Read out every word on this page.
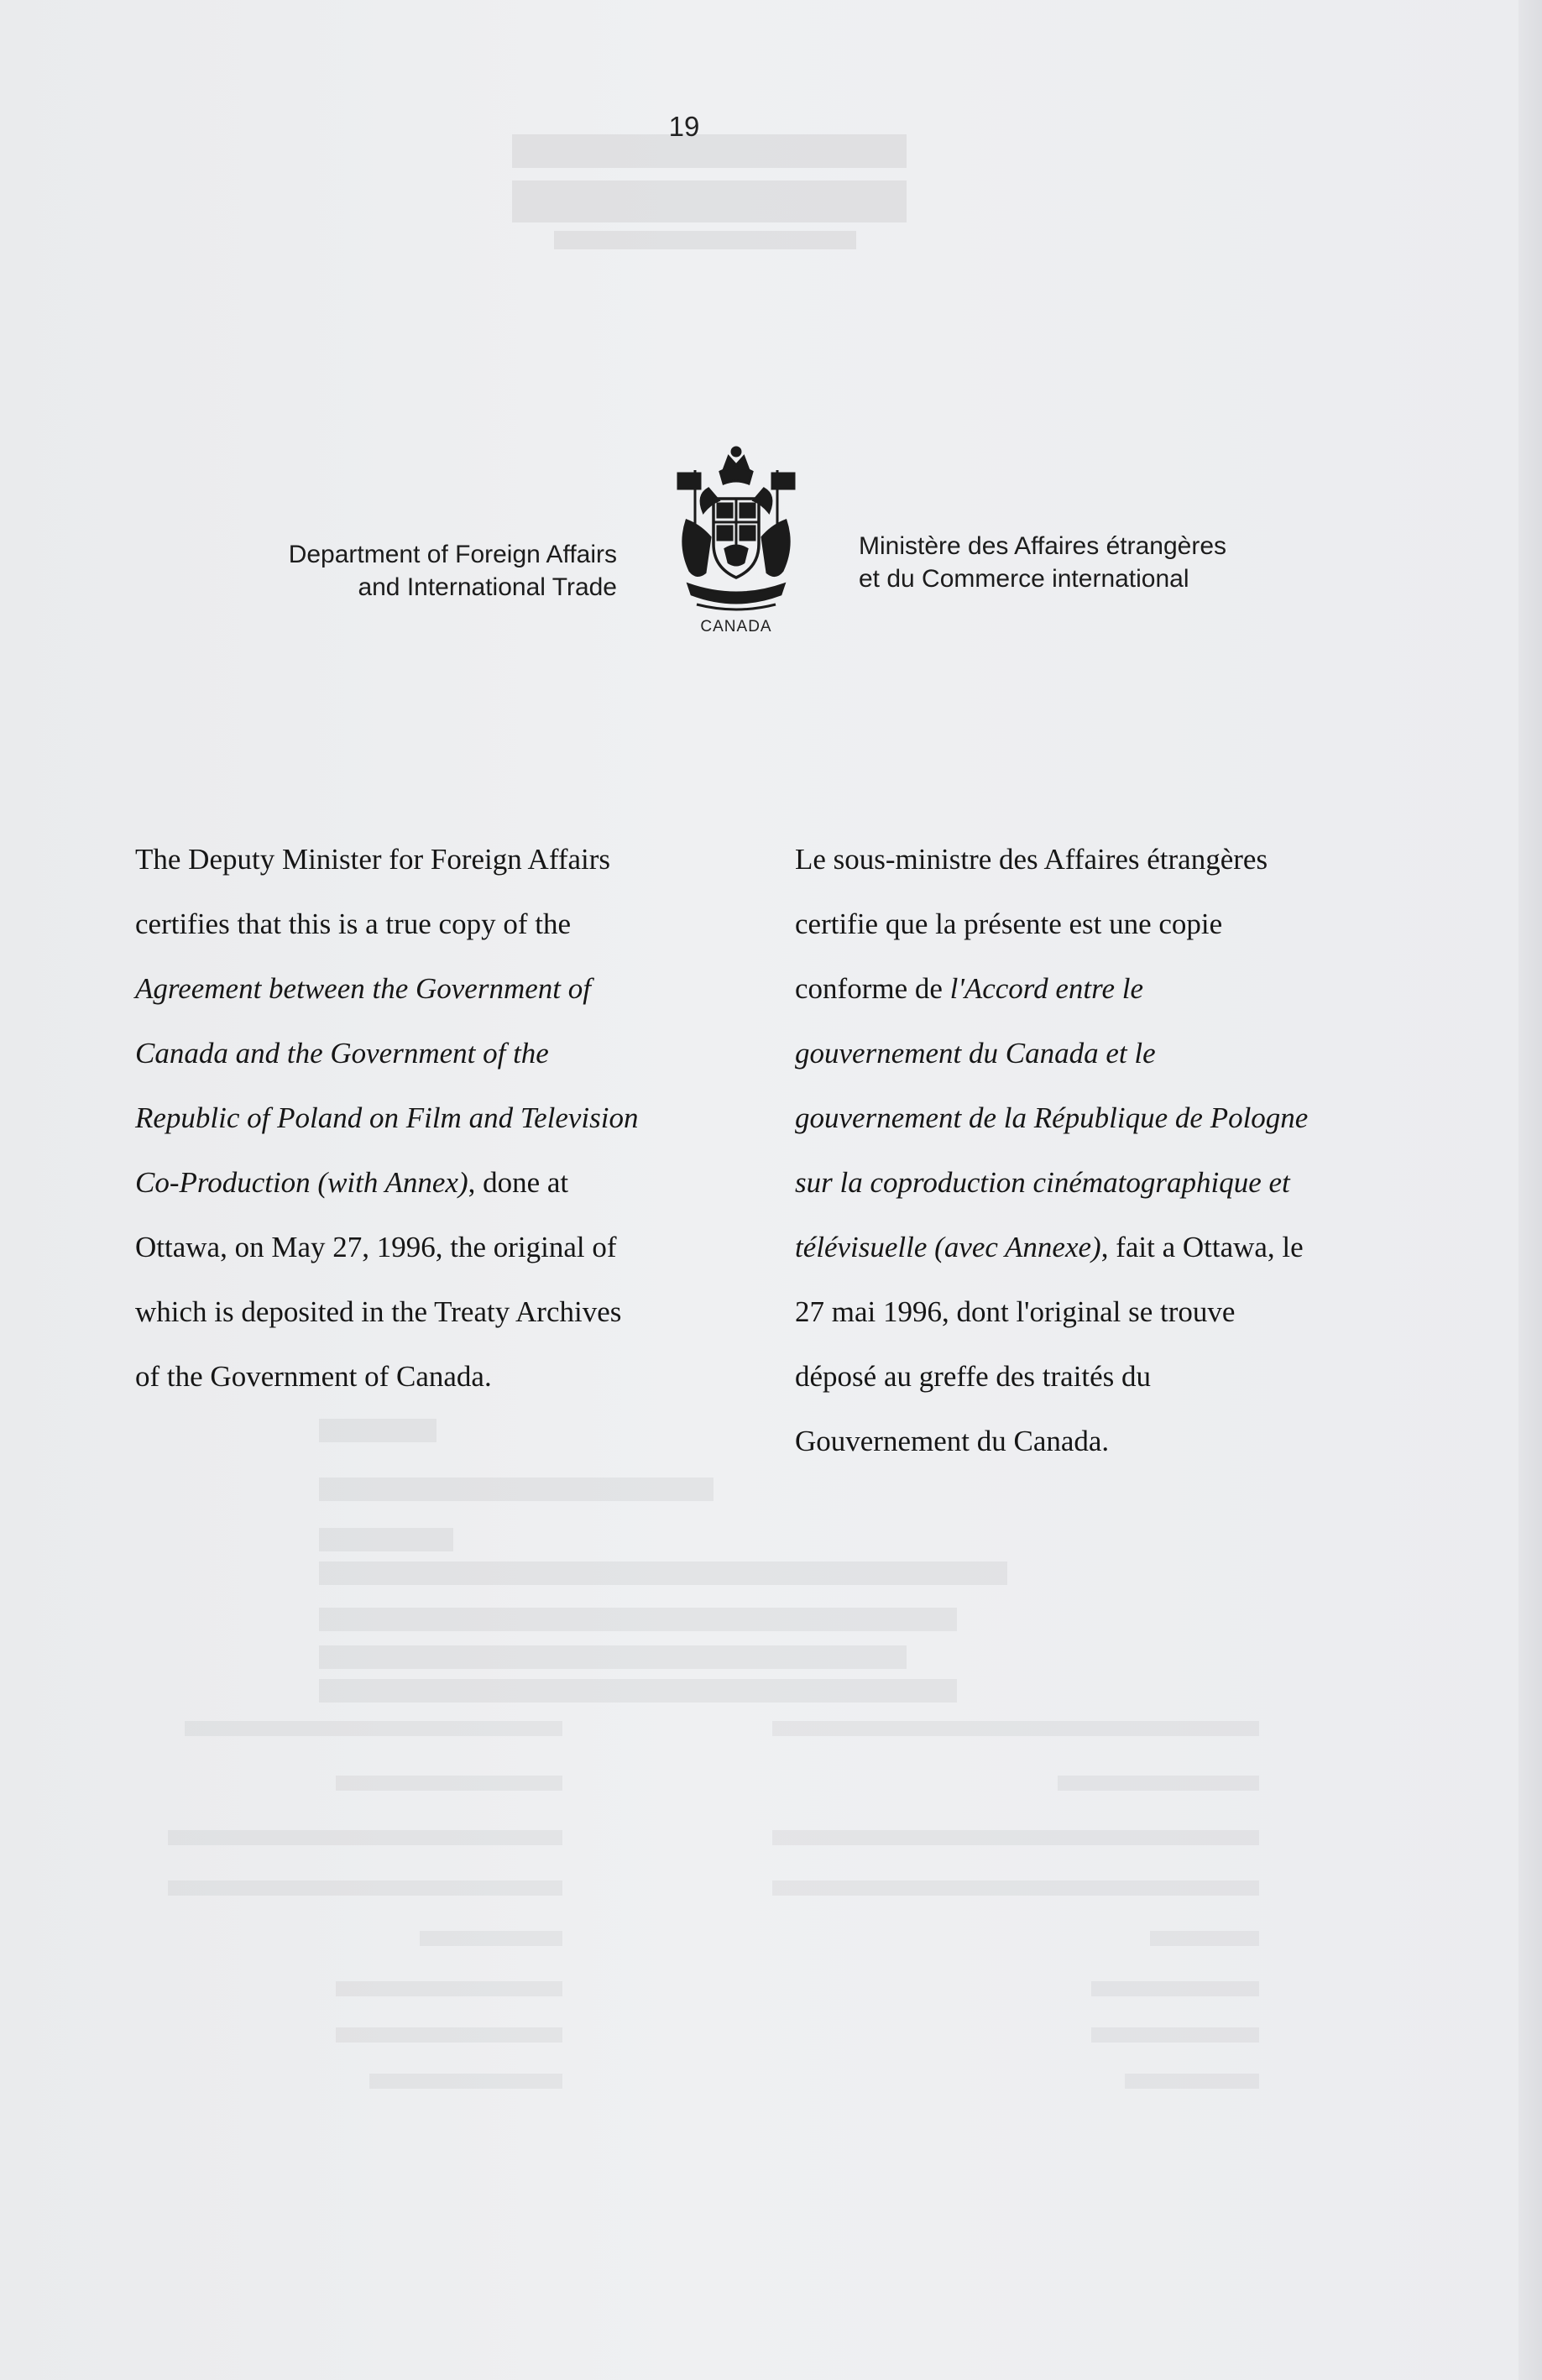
19
Department of Foreign Affairs
and International Trade
CANADA
Ministère des Affaires étrangères
et du Commerce international
The Deputy Minister for Foreign Affairs
certifies that this is a true copy of the
Agreement between the Government of
Canada and the Government of the
Republic of Poland on Film and Television
Co-Production (with Annex), done at
Ottawa, on May 27, 1996, the original of
which is deposited in the Treaty Archives
of the Government of Canada.
Le sous-ministre des Affaires étrangères
certifie que la présente est une copie
conforme de l'Accord entre le
gouvernement du Canada et le
gouvernement de la République de Pologne
sur la coproduction cinématographique et
télévisuelle (avec Annexe), fait a Ottawa, le
27 mai 1996, dont l'original se trouve
déposé au greffe des traités du
Gouvernement du Canada.
